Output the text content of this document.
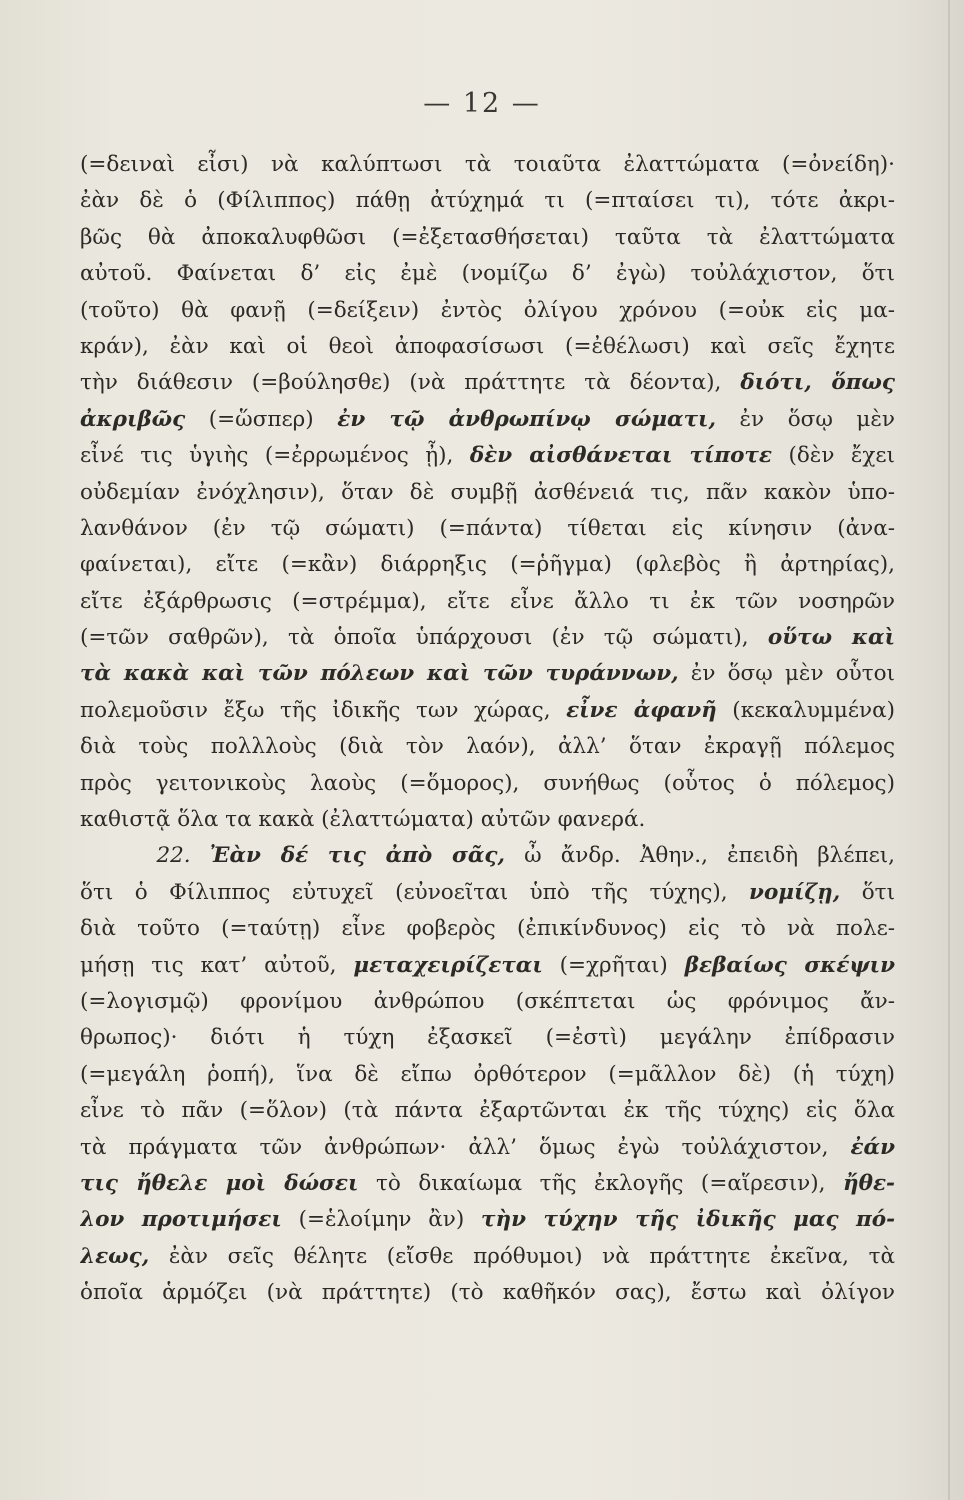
— 12 —
(=δειναὶ εἶσι) νὰ καλύπτωσι τὰ τοιαῦτα ἐλαττώματα (=ὀνείδη)·
ἐὰν δὲ ὁ (Φίλιππος) πάθῃ ἀτύχημά τι (=πταίσει τι), τότε ἀκρι-
βῶς θὰ ἀποκαλυφθῶσι (=ἐξετασθήσεται) ταῦτα τὰ ἐλαττώματα
αὐτοῦ. Φαίνεται δ’ εἰς ἐμὲ (νομίζω δ’ ἐγὼ) τοὐλάχιστον, ὅτι
(τοῦτο) θὰ φανῇ (=δείξειν) ἐντὸς ὀλίγου χρόνου (=οὐκ εἰς μα-
κράν), ἐὰν καὶ οἱ θεοὶ ἀποφασίσωσι (=ἐθέλωσι) καὶ σεῖς ἔχητε
τὴν διάθεσιν (=βούλησθε) (νὰ πράττητε τὰ δέοντα), διότι, ὅπως
ἀκριβῶς (=ὥσπερ) ἐν τῷ ἀνθρωπίνῳ σώματι, ἐν ὅσῳ μὲν
εἶνέ τις ὑγιὴς (=ἐρρωμένος ᾖ), δὲν αἰσθάνεται τίποτε (δὲν ἔχει
οὐδεμίαν ἐνόχλησιν), ὅταν δὲ συμβῇ ἀσθένειά τις, πᾶν κακὸν ὑπο-
λανθάνον (ἐν τῷ σώματι) (=πάντα) τίθεται εἰς κίνησιν (ἀνα-
φαίνεται), εἴτε (=κἂν) διάρρηξις (=ῥῆγμα) (φλεβὸς ἢ ἀρτηρίας),
εἴτε ἐξάρθρωσις (=στρέμμα), εἴτε εἶνε ἄλλο τι ἐκ τῶν νοσηρῶν
(=τῶν σαθρῶν), τὰ ὁποῖα ὑπάρχουσι (ἐν τῷ σώματι), οὕτω καὶ
τὰ κακὰ καὶ τῶν πόλεων καὶ τῶν τυράννων, ἐν ὅσῳ μὲν οὗτοι
πολεμοῦσιν ἔξω τῆς ἰδικῆς των χώρας, εἶνε ἀφανῆ (κεκαλυμμένα)
διὰ τοὺς πολλλοὺς (διὰ τὸν λαόν), ἀλλ’ ὅταν ἐκραγῇ πόλεμος
πρὸς γειτονικοὺς λαοὺς (=ὅμορος), συνήθως (οὗτος ὁ πόλεμος)
καθιστᾷ ὅλα τα κακὰ (ἐλαττώματα) αὐτῶν φανερά.
22. Ἐὰν δέ τις ἀπὸ σᾶς, ὦ ἄνδρ. Ἀθην., ἐπειδὴ βλέπει,
ὅτι ὁ Φίλιππος εὐτυχεῖ (εὐνοεῖται ὑπὸ τῆς τύχης), νομίζῃ, ὅτι
διὰ τοῦτο (=ταύτῃ) εἶνε φοβερὸς (ἐπικίνδυνος) εἰς τὸ νὰ πολε-
μήσῃ τις κατ’ αὐτοῦ, μεταχειρίζεται (=χρῆται) βεβαίως σκέψιν
(=λογισμῷ) φρονίμου ἀνθρώπου (σκέπτεται ὡς φρόνιμος ἄν-
θρωπος)· διότι ἡ τύχη ἐξασκεῖ (=ἐστὶ) μεγάλην ἐπίδρασιν
(=μεγάλη ῥοπή), ἵνα δὲ εἴπω ὀρθότερον (=μᾶλλον δὲ) (ἡ τύχη)
εἶνε τὸ πᾶν (=ὅλον) (τὰ πάντα ἐξαρτῶνται ἐκ τῆς τύχης) εἰς ὅλα
τὰ πράγματα τῶν ἀνθρώπων· ἀλλ’ ὅμως ἐγὼ τοὐλάχιστον, ἐάν
τις ἤθελε μοὶ δώσει τὸ δικαίωμα τῆς ἐκλογῆς (=αἵρεσιν), ἤθε-
λον προτιμήσει (=ἑλοίμην ἂν) τὴν τύχην τῆς ἰδικῆς μας πό-
λεως, ἐὰν σεῖς θέλητε (εἴσθε πρόθυμοι) νὰ πράττητε ἐκεῖνα, τὰ
ὁποῖα ἁρμόζει (νὰ πράττητε) (τὸ καθῆκόν σας), ἔστω καὶ ὀλίγον
